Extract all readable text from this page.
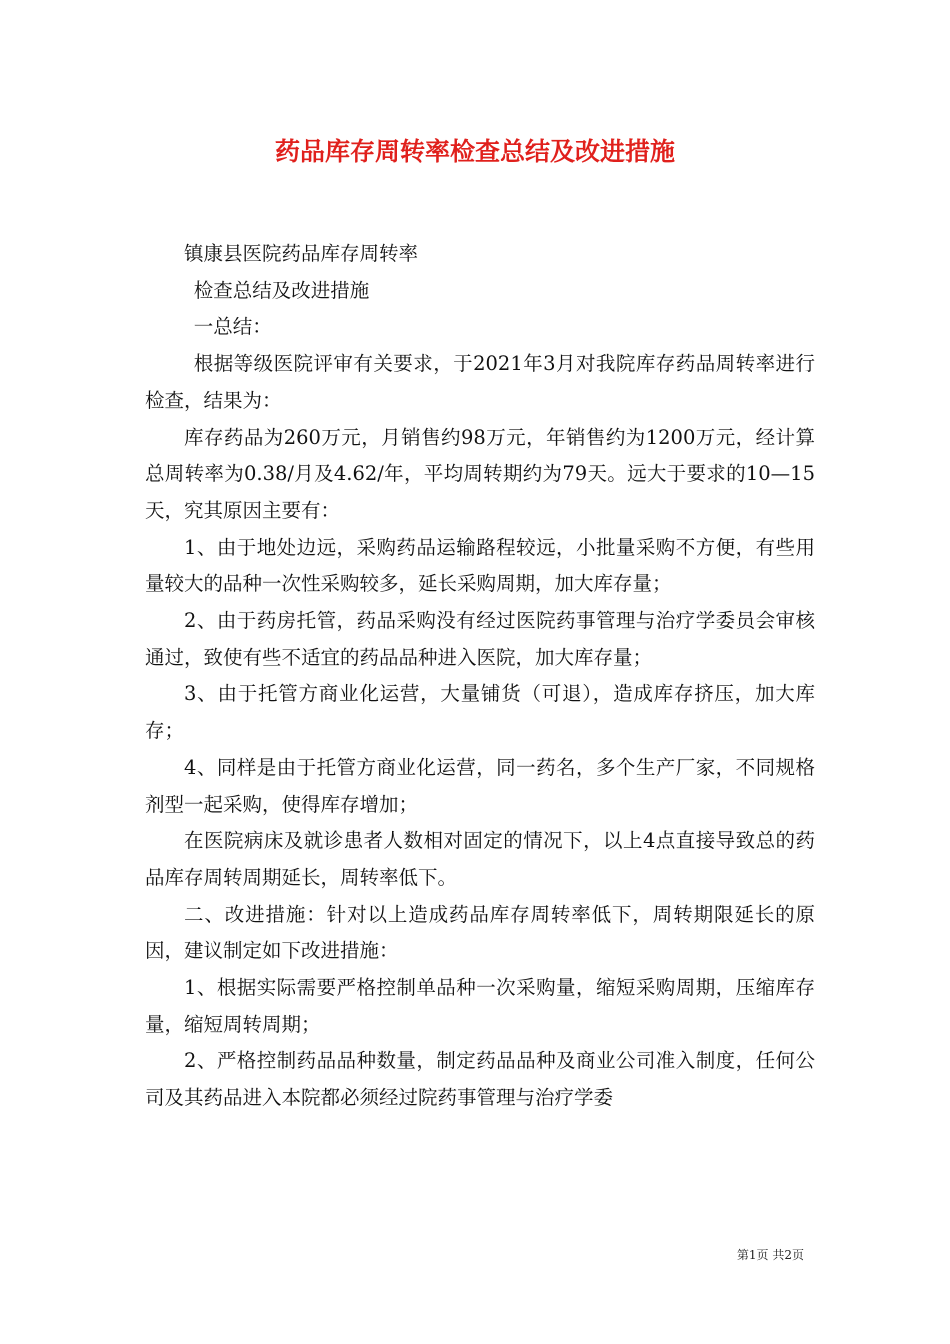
药品库存周转率检查总结及改进措施

镇康县医院药品库存周转率

检查总结及改进措施

一总结：

根据等级医院评审有关要求，于2021年3月对我院库存药品周转率进行检查，结果为：

库存药品为260万元，月销售约98万元，年销售约为1200万元，经计算总周转率为0.38/月及4.62/年，平均周转期约为79天。远大于要求的10—15天，究其原因主要有：

1、由于地处边远，采购药品运输路程较远，小批量采购不方便，有些用量较大的品种一次性采购较多，延长采购周期，加大库存量；

2、由于药房托管，药品采购没有经过医院药事管理与治疗学委员会审核通过，致使有些不适宜的药品品种进入医院，加大库存量；

3、由于托管方商业化运营，大量铺货（可退），造成库存挤压，加大库存；

4、同样是由于托管方商业化运营，同一药名，多个生产厂家，不同规格剂型一起采购，使得库存增加；

在医院病床及就诊患者人数相对固定的情况下，以上4点直接导致总的药品库存周转周期延长，周转率低下。

二、改进措施：针对以上造成药品库存周转率低下，周转期限延长的原因，建议制定如下改进措施：

1、根据实际需要严格控制单品种一次采购量，缩短采购周期，压缩库存量，缩短周转周期；

2、严格控制药品品种数量，制定药品品种及商业公司准入制度，任何公司及其药品进入本院都必须经过院药事管理与治疗学委

第1页 共2页
